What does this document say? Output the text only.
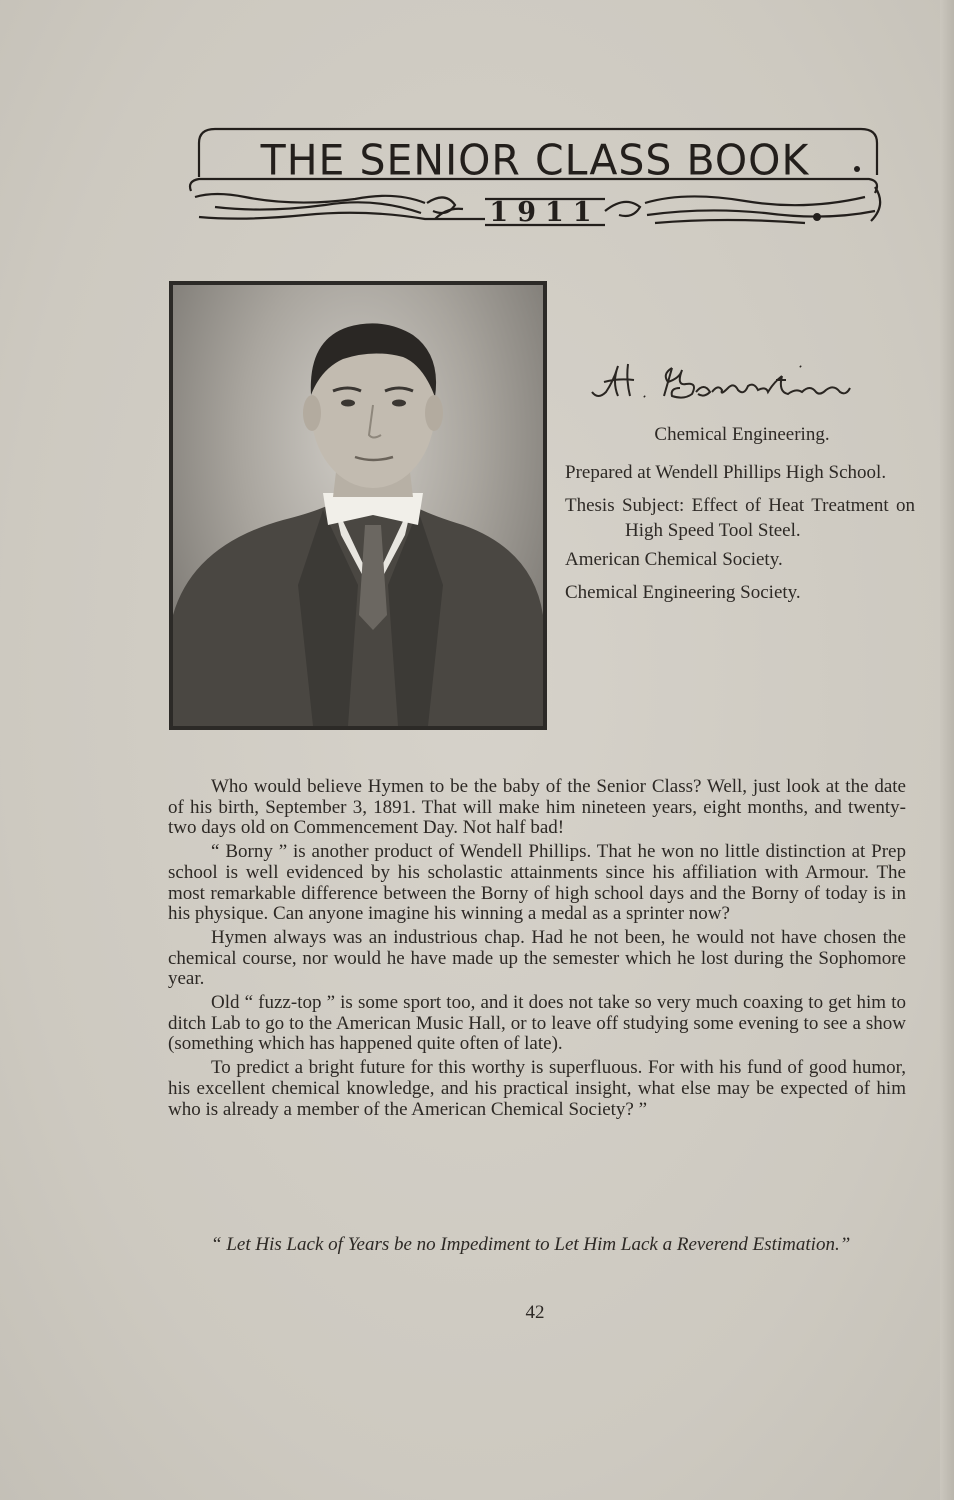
THE SENIOR CLASS BOOK
1911

Chemical Engineering.

Prepared at Wendell Phillips High School.

Thesis Subject: Effect of Heat Treatment on High Speed Tool Steel.

American Chemical Society.

Chemical Engineering Society.

Who would believe Hymen to be the baby of the Senior Class? Well, just look at the date of his birth, September 3, 1891. That will make him nineteen years, eight months, and twenty-two days old on Commencement Day. Not half bad!

“ Borny ” is another product of Wendell Phillips. That he won no little distinction at Prep school is well evidenced by his scholastic attainments since his affiliation with Armour. The most remarkable difference between the Borny of high school days and the Borny of today is in his physique. Can anyone imagine his winning a medal as a sprinter now?

Hymen always was an industrious chap. Had he not been, he would not have chosen the chemical course, nor would he have made up the semester which he lost during the Sophomore year.

Old “ fuzz-top ” is some sport too, and it does not take so very much coaxing to get him to ditch Lab to go to the American Music Hall, or to leave off studying some evening to see a show (something which has happened quite often of late).

To predict a bright future for this worthy is superfluous. For with his fund of good humor, his excellent chemical knowledge, and his practical insight, what else may be expected of him who is already a member of the American Chemical Society? ”

“ Let His Lack of Years be no Impediment to Let Him Lack a Reverend Estimation.”
42
